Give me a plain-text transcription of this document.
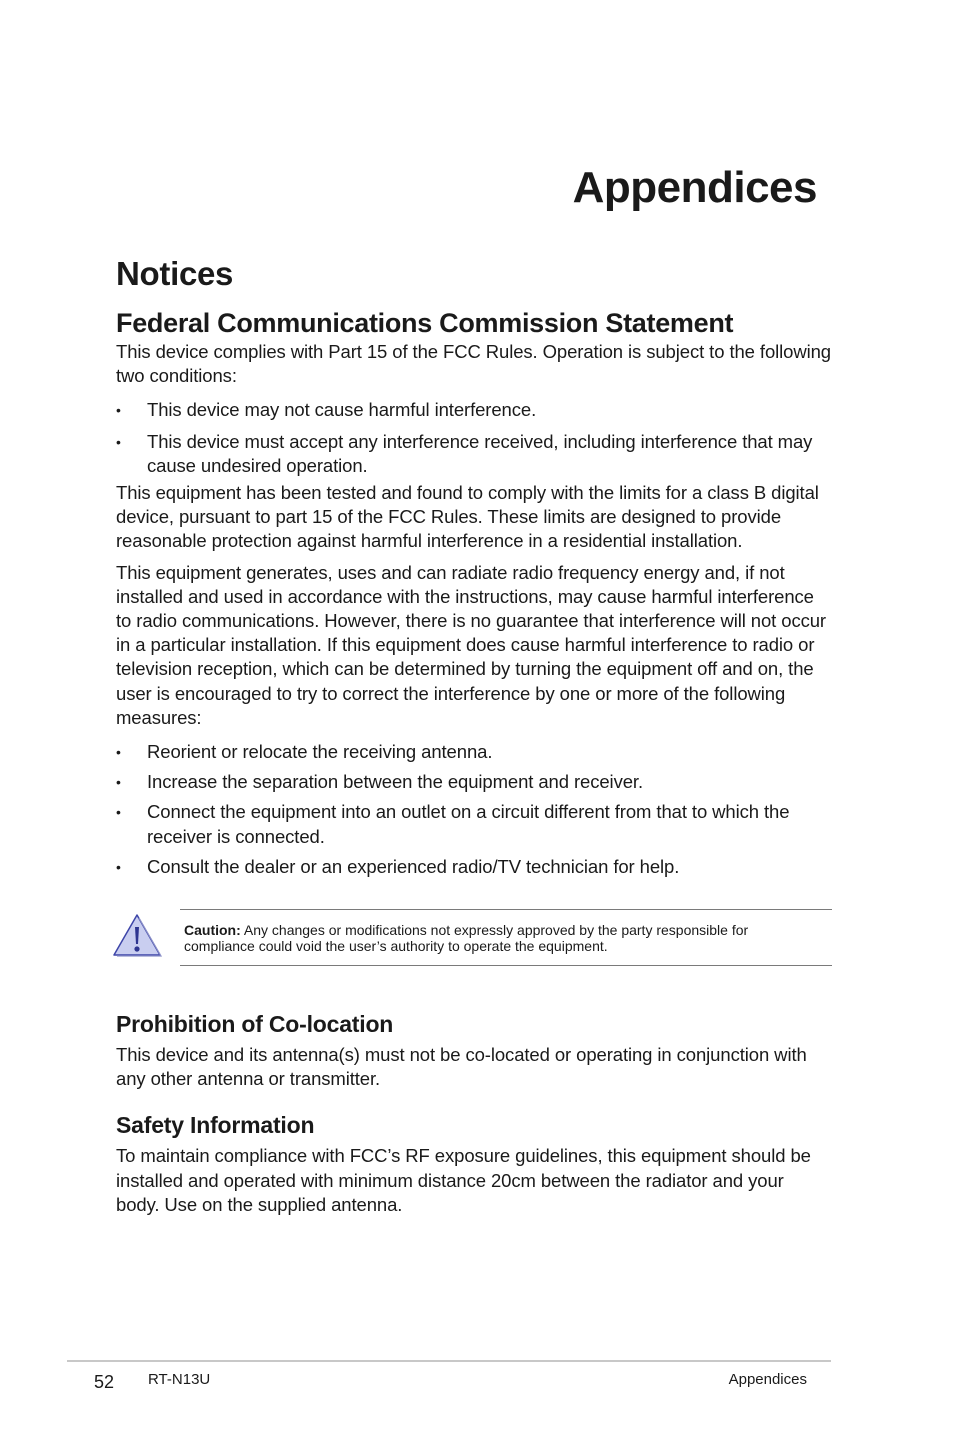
Appendices
Notices
Federal Communications Commission Statement

This device complies with Part 15 of the FCC Rules. Operation is subject to the following two conditions:

• This device may not cause harmful interference.
• This device must accept any interference received, including interference that may cause undesired operation.

This equipment has been tested and found to comply with the limits for a class B digital device, pursuant to part 15 of the FCC Rules. These limits are designed to provide reasonable protection against harmful interference in a residential installation.

This equipment generates, uses and can radiate radio frequency energy and, if not installed and used in accordance with the instructions, may cause harmful interference to radio communications. However, there is no guarantee that interference will not occur in a particular installation. If this equipment does cause harmful interference to radio or television reception, which can be determined by turning the equipment off and on, the user is encouraged to try to correct the interference by one or more of the following measures:

• Reorient or relocate the receiving antenna.
• Increase the separation between the equipment and receiver.
• Connect the equipment into an outlet on a circuit different from that to which the receiver is connected.
• Consult the dealer or an experienced radio/TV technician for help.
Caution: Any changes or modifications not expressly approved by the party responsible for compliance could void the user’s authority to operate the equipment.
Prohibition of Co-location

This device and its antenna(s) must not be co-located or operating in conjunction with any other antenna or transmitter.

Safety Information

To maintain compliance with FCC’s RF exposure guidelines, this equipment should be installed and operated with minimum distance 20cm between the radiator and your body. Use on the supplied antenna.

52 RT-N13U	Appendices
